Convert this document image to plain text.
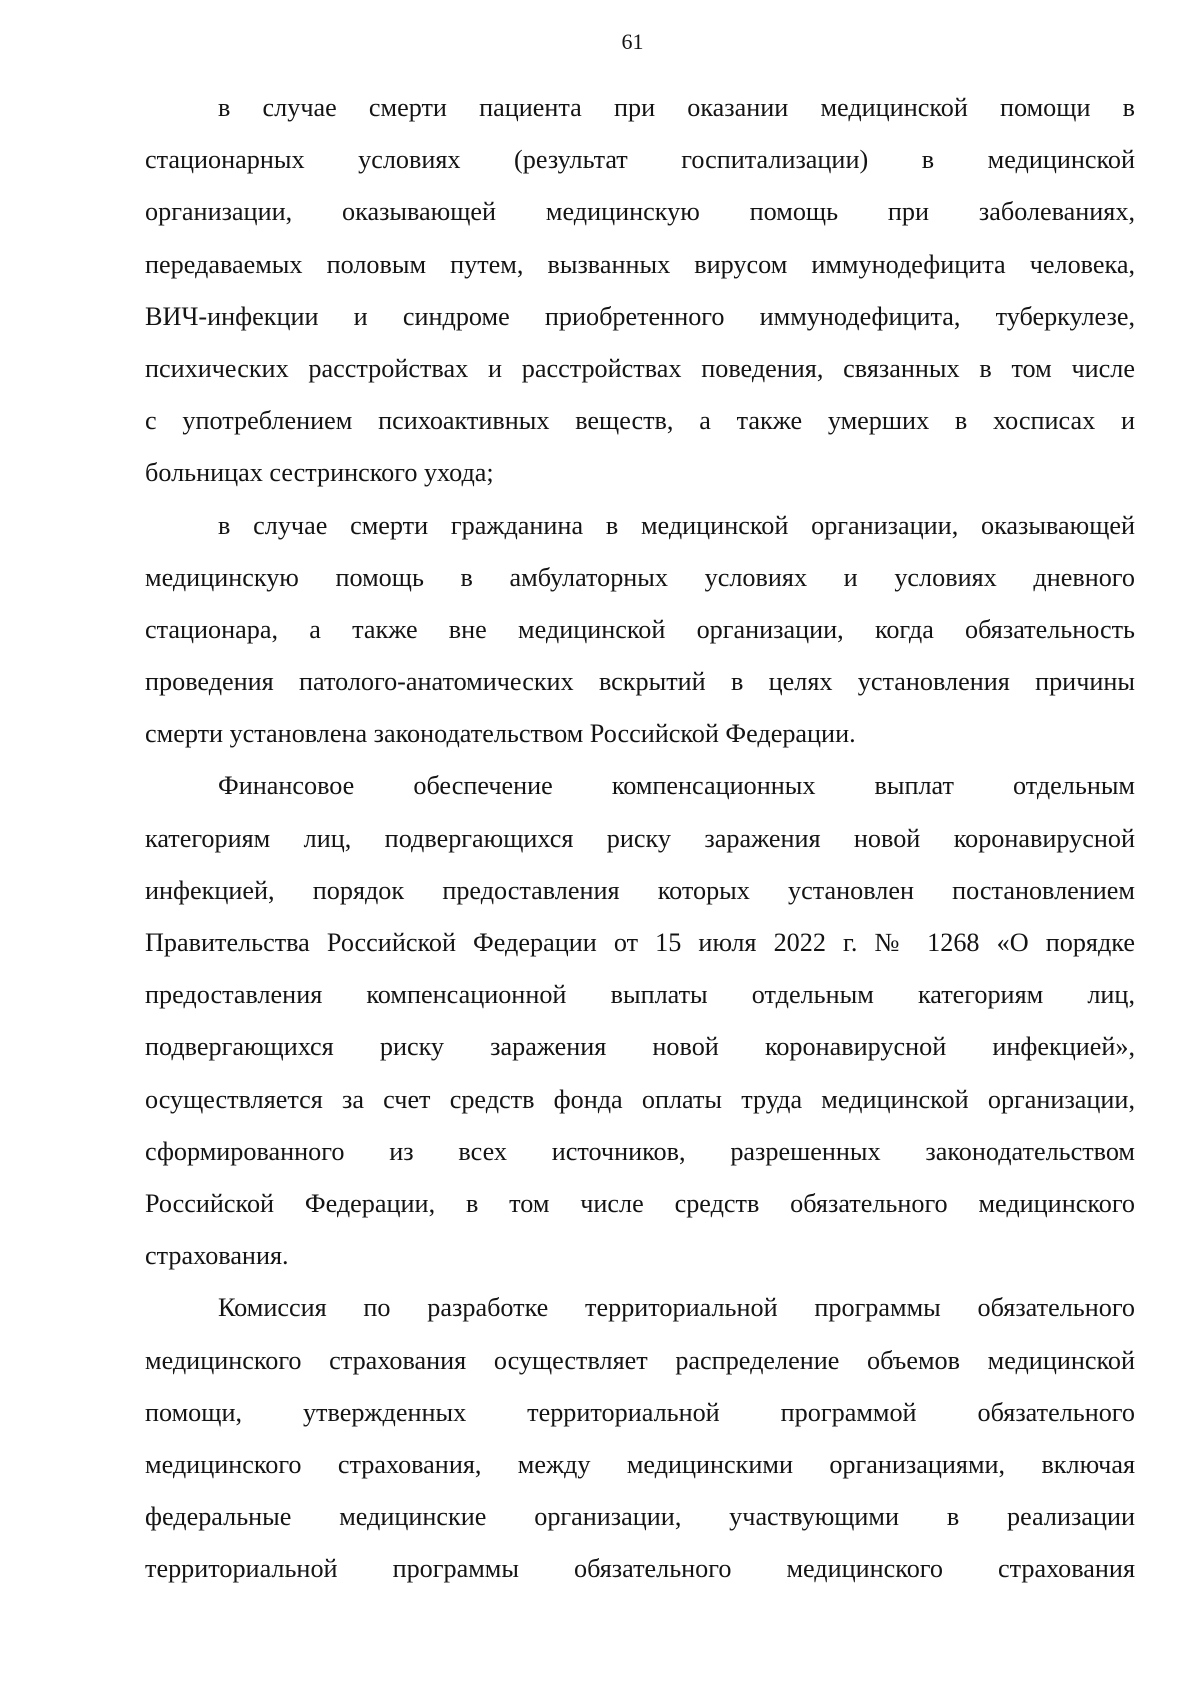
61
в случае смерти пациента при оказании медицинской помощи в
стационарных условиях (результат госпитализации) в медицинской
организации, оказывающей медицинскую помощь при заболеваниях,
передаваемых половым путем, вызванных вирусом иммунодефицита человека,
ВИЧ-инфекции и синдроме приобретенного иммунодефицита, туберкулезе,
психических расстройствах и расстройствах поведения, связанных в том числе
с употреблением психоактивных веществ, а также умерших в хосписах и
больницах сестринского ухода;
в случае смерти гражданина в медицинской организации, оказывающей
медицинскую помощь в амбулаторных условиях и условиях дневного
стационара, а также вне медицинской организации, когда обязательность
проведения патолого-анатомических вскрытий в целях установления причины
смерти установлена законодательством Российской Федерации.
Финансовое обеспечение компенсационных выплат отдельным
категориям лиц, подвергающихся риску заражения новой коронавирусной
инфекцией, порядок предоставления которых установлен постановлением
Правительства Российской Федерации от 15 июля 2022 г. № 1268 «О порядке
предоставления компенсационной выплаты отдельным категориям лиц,
подвергающихся риску заражения новой коронавирусной инфекцией»,
осуществляется за счет средств фонда оплаты труда медицинской организации,
сформированного из всех источников, разрешенных законодательством
Российской Федерации, в том числе средств обязательного медицинского
страхования.
Комиссия по разработке территориальной программы обязательного
медицинского страхования осуществляет распределение объемов медицинской
помощи, утвержденных территориальной программой обязательного
медицинского страхования, между медицинскими организациями, включая
федеральные медицинские организации, участвующими в реализации
территориальной программы обязательного медицинского страхования
